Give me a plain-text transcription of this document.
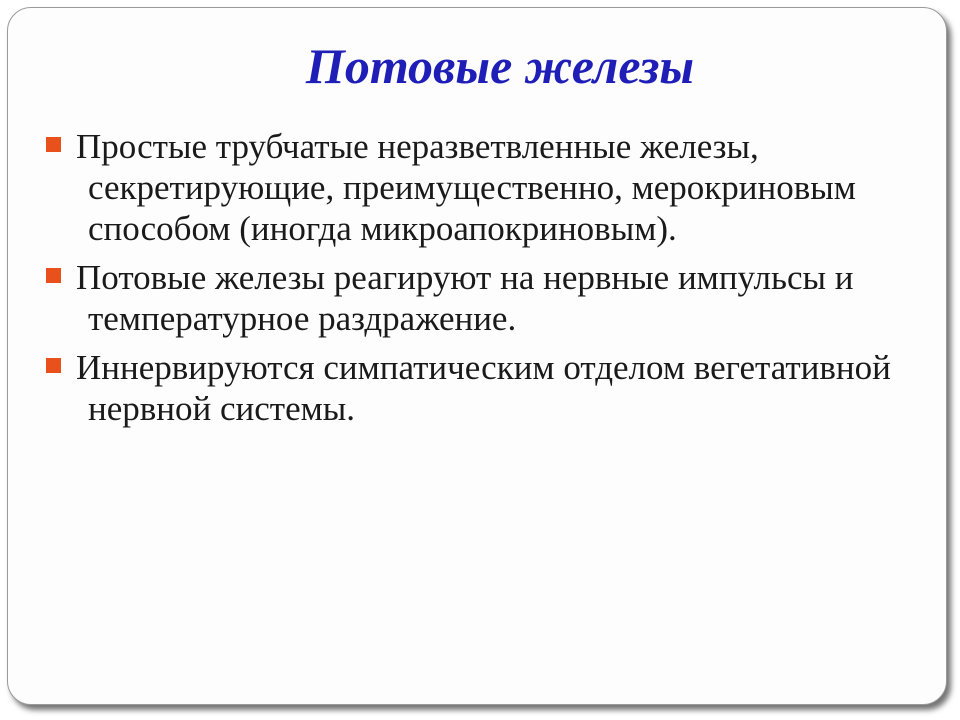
Потовые железы
Простые трубчатые неразветвленные железы, секретирующие, преимущественно, мерокриновым способом (иногда микроапокриновым).
Потовые железы реагируют на нервные импульсы и температурное раздражение.
Иннервируются симпатическим отделом вегетативной нервной системы.
